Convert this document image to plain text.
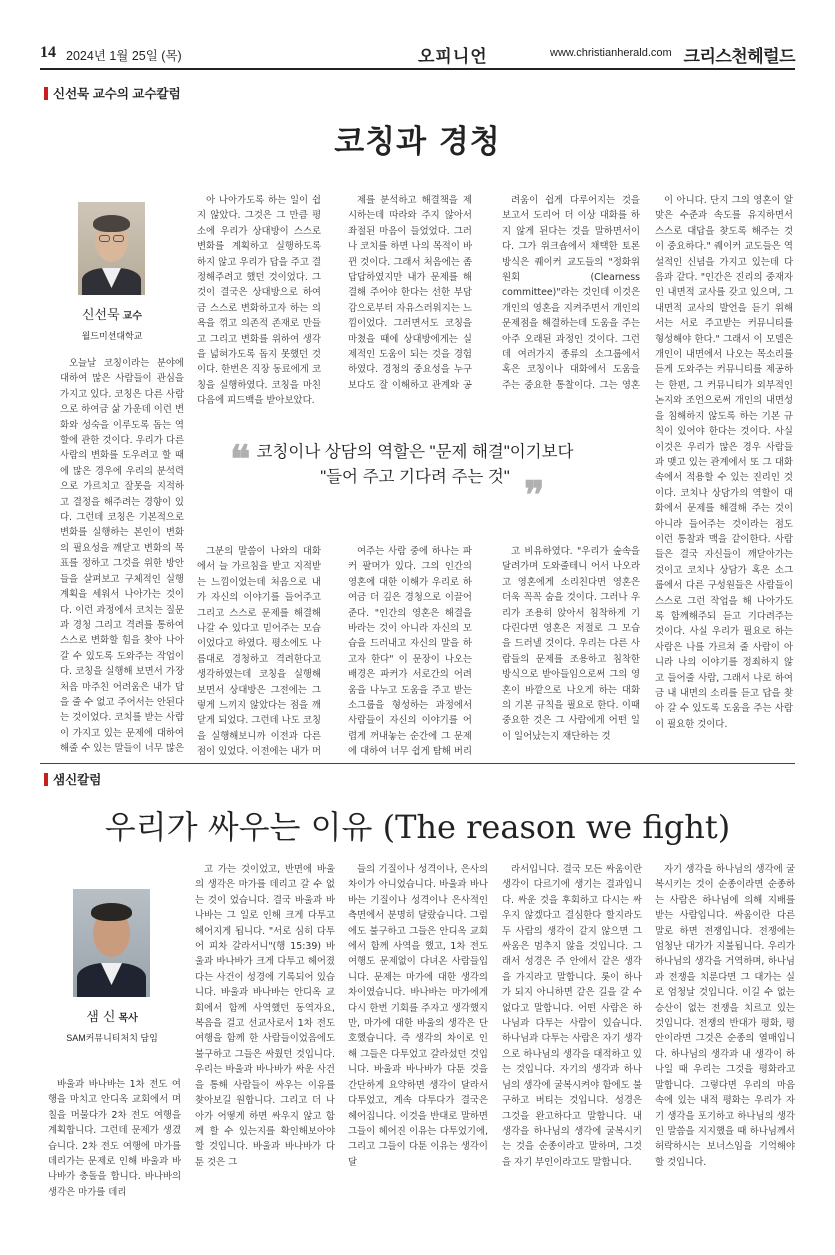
14 2024년 1월 25일 (목)	오피니언	www.christianherald.com 크리스천헤럴드
신선묵 교수의 교수칼럼
코칭과 경청
신선묵 교수
월드미션대학교

오늘날 코칭이라는 분야에 대하여 많은 사람들이 관심을 가지고 있다. 코칭은 다른 사람으로 하여금 삶 가운데 이런 변화와 성숙을 이루도록 돕는 역할에 관한 것이다. 우리가 다른 사람의 변화를 도우려고 할 때에 많은 경우에 우리의 분석력으로 가르치고 잘못을 지적하고 결정을 해주려는 경향이 있다. 그런데 코칭은 기본적으로 변화를 실행하는 본인이 변화의 필요성을 깨닫고 변화의 목표를 정하고 그것을 위한 방안들을 살펴보고 구체적인 실행 계획을 세워서 나아가는 것이다. 이런 과정에서 코치는 질문과 경청 그리고 격려를 통하여 스스로 변화할 힘을 찾아 나아갈 수 있도록 도와주는 작업이다. 코칭을 실행해 보면서 가장 처음 마주친 어려움은 내가 답을 줄 수 없고 주어서는 안된다는 것이었다. 코치를 받는 사람이 가지고 있는 문제에 대하여 해줄 수 있는 말들이 너무 많은

아 나아가도록 하는 일이 쉽지 않았다. 그것은 그 만큼 평소에 우리가 상대방이 스스로 변화를 계획하고 실행하도록 하지 않고 우리가 답을 주고 결정해주려고 했던 것이었다. 그것이 결국은 상대방으로 하여금 스스로 변화하고자 하는 의욕을 꺾고 의존적 존재로 만들고 그리고 변화를 위하여 생각을 넓혀가도록 돕지 못했던 것이다. 한번은 직장 동료에게 코칭을 실행하였다. 코칭을 마친 다음에 피드백을 받아보았다.

그분의 말씀이 나와의 대화에서 늘 가르침을 받고 지적받는 느낌이었는데 처음으로 내가 자신의 이야기를 들어주고 그리고 스스로 문제를 해결해 나갈 수 있다고 믿어주는 모습이었다고 하였다. 평소에도 나름대로 경청하고 격려한다고 생각하였는데 코칭을 실행해 보면서 상대방은 그전에는 그렇게 느끼지 않았다는 점을 깨닫게 되었다. 그런데 나도 코칭을 실행해보니까 이전과 다른 점이 있었다. 이전에는 내가 머

제를 분석하고 해결책을 제시하는데 따라와 주지 않아서 좌절된 마음이 들었었다. 그러나 코치를 하면 나의 목적이 바뀐 것이다. 그래서 처음에는 좀 답답하였지만 내가 문제를 해결해 주어야 한다는 선한 부담감으로부터 자유스러워지는 느낌이었다. 그러면서도 코칭을 마쳤을 때에 상대방에게는 실제적인 도움이 되는 것을 경험하였다. 경청의 중요성을 누구보다도 잘 이해하고 관계와 공

여주는 사람 중에 하나는 파커 팔머가 있다. 그의 인간의 영혼에 대한 이해가 우리로 하여금 더 깊은 경청으로 이끌어 준다. "인간의 영혼은 해결을 바라는 것이 아니라 자신의 모습을 드러내고 자신의 말을 하고자 한다" 이 문장이 나오는 배경은 파커가 서로간의 어려움을 나누고 도움을 주고 받는 소그룹을 형성하는 과정에서 사람들이 자신의 이야기를 어렵게 꺼내놓는 순간에 그 문제에 대하여 너무 쉽게 탐해 버리

려움이 쉽게 다루어지는 것을 보고서 도리어 더 이상 대화를 하지 않게 된다는 것을 말하면서이다. 그가 위크숍에서 채택한 토론 방식은 퀘이커 교도들의 "정화위원회 (Clearness committee)"라는 것인데 이것은 개인의 영혼을 지켜주면서 개인의 문제점을 해결하는데 도움을 주는 아주 오래된 과정인 것이다. 그런데 여러가지 종류의 소그룹에서 혹은 코칭이나 대화에서 도움을 주는 중요한 통찰이다. 그는 영혼

고 비유하였다. "우리가 숲속을 달려가며 도와줄테니 어서 나오라고 영혼에게 소리친다면 영혼은 더욱 꼭꼭 숨을 것이다. 그러나 우리가 조용히 앉아서 침착하게 기다린다면 영혼은 저절로 그 모습을 드러낼 것이다. 우리는 다른 사람들의 문제를 조용하고 침착한 방식으로 받아들임으로써 그의 영혼이 바깥으로 나오게 하는 대화의 기본 규칙을 필요로 한다. 이때 중요한 것은 그 사람에게 어떤 일이 일어났는지 재단하는 것

이 아니다. 단지 그의 영혼이 알맞은 수준과 속도를 유지하면서 스스로 대답을 찾도록 해주는 것이 중요하다." 퀘이커 교도들은 역설적인 신념을 가지고 있는데 다음과 같다. "인간은 진리의 중재자인 내면적 교사를 갖고 있으며, 그 내면적 교사의 발언을 듣기 위해서는 서로 주고받는 커뮤니티를 형성해야 한다." 그래서 이 모델은 개인이 내면에서 나오는 목소리를 듣게 도와주는 커뮤니티를 제공하는 한편, 그 커뮤니티가 외부적인 논지와 조언으로써 개인의 내면성을 침해하지 않도록 하는 기본 규칙이 있어야 한다는 것이다. 사실 이것은 우리가 많은 경우 사람들과 맺고 있는 관계에서 또 그 대화 속에서 적용할 수 있는 진리인 것이다. 코치나 상담가의 역할이 대화에서 문제를 해결해 주는 것이 아니라 들어주는 것이라는 점도 이런 통찰과 맥을 같이한다. 사람들은 결국 자신들이 깨닫아가는 것이고 코치나 상담가 혹은 소그룹에서 다른 구성원들은 사람들이 스스로 그런 작업을 해 나아가도록 함께해주되 듣고 기다려주는 것이다. 사실 우리가 필요로 하는 사람은 나를 가르쳐 줄 사람이 아니라 나의 이야기를 정죄하지 않고 들어줄 사람, 그래서 나로 하여금 내 내면의 소리를 듣고 답을 찾아 갈 수 있도록 도움을 주는 사람이 필요한 것이다.

❝ 코칭이나 상담의 역할은 "문제 해결"이기보다
"들어 주고 기다려 주는 것" ❞
샘신칼럼
우리가 싸우는 이유 (The reason we fight)
샘 신 목사
SAM커뮤니티처치 담임

바울과 바나바는 1차 전도 여행을 마치고 안디옥 교회에서 며칠을 머물다가 2차 전도 여행을 계획합니다. 그런데 문제가 생겼습니다. 2차 전도 여행에 마가를 데리가는 문제로 인해 바울과 바나바가 충돌을 합니다. 바나바의 생각은 마가를 데리

고 가는 것이었고, 반면에 바울의 생각은 마가를 데리고 갈 수 없는 것이 었습니다. 결국 바울과 바나바는 그 일로 인해 크게 다투고 헤어지게 됩니다. "서로 심히 다투어 피차 갈라서니"(행 15:39) 바울과 바나바가 크게 다투고 헤어졌다는 사건이 성경에 기록되어 있습니다. 바울과 바나바는 안디옥 교회에서 함께 사역했던 동역자요, 복음을 걸고 선교사로서 1차 전도 여행을 함께 한 사람들이었음에도 불구하고 그들은 싸웠던 것입니다. 우리는 바울과 바나바가 싸운 사건을 통해 사람들이 싸우는 이유를 찾아보길 원합니다. 그리고 더 나아가 어떻게 하면 싸우지 않고 함께 할 수 있는지를 확인해보아야 할 것입니다. 바울과 바나바가 다툰 것은 그

들의 기질이나 성격이나, 은사의 차이가 아니었습니다. 바울과 바나바는 기질이나 성격이나 은사적인 측면에서 분명히 달랐습니다. 그럼에도 불구하고 그들은 안디옥 교회에서 함께 사역을 했고, 1차 전도여행도 문제없이 다녀온 사람들입니다. 문제는 마가에 대한 생각의 차이였습니다. 바나바는 마가에게 다시 한번 기회를 주자고 생각했지만, 마가에 대한 바울의 생각은 단호했습니다. 즉 생각의 차이로 인해 그들은 다투었고 갈라섰던 것입니다. 바울과 바나바가 다툰 것을 간단하게 요약하면 생각이 달라서 다투었고, 계속 다투다가 결국은 헤어집니다. 이것을 반대로 말하면 그들이 헤어진 이유는 다투었기에, 그리고 그들이 다툰 이유는 생각이 달

라서입니다. 결국 모든 싸움이란 생각이 다르기에 생기는 결과입니다. 싸운 것을 후회하고 다시는 싸우지 않겠다고 결심한다 할지라도 두 사람의 생각이 같지 않으면 그 싸움은 멈추지 않을 것입니다. 그래서 성경은 주 안에서 같은 생각을 가지라고 말합니다. 롯이 하나가 되지 아니하면 같은 길을 갈 수 없다고 말합니다. 어떤 사람은 하나님과 다투는 사람이 있습니다. 하나님과 다투는 사람은 자기 생각으로 하나님의 생각을 대적하고 있는 것입니다. 자기의 생각과 하나님의 생각에 굴복시켜야 함에도 불구하고 버티는 것입니다. 성경은 그것을 완고하다고 말합니다. 내 생각을 하나님의 생각에 굴복시키는 것을 순종이라고 말하며, 그것을 자기 부인이라고도 말합니다.

자기 생각을 하나님의 생각에 굴복시키는 것이 순종이라면 순종하는 사람은 하나님에 의해 지배를 받는 사람입니다. 싸움이란 다른 말로 하면 전쟁입니다. 전쟁에는 엄청난 대가가 지불됩니다. 우리가 하나님의 생각을 거역하며, 하나님과 전쟁을 치룬다면 그 대가는 실로 엄청날 것입니다. 이길 수 없는 승산이 없는 전쟁을 치르고 있는 것입니다. 전쟁의 반대가 평화, 평안이라면 그것은 순종의 열매입니다. 하나님의 생각과 내 생각이 하나일 때 우리는 그것을 평화라고 말합니다. 그렇다면 우리의 마음 속에 있는 내적 평화는 우리가 자기 생각을 포기하고 하나님의 생각 인 말씀을 지지했을 때 하나님께서 허락하시는 보너스임을 기억해야 할 것입니다.
